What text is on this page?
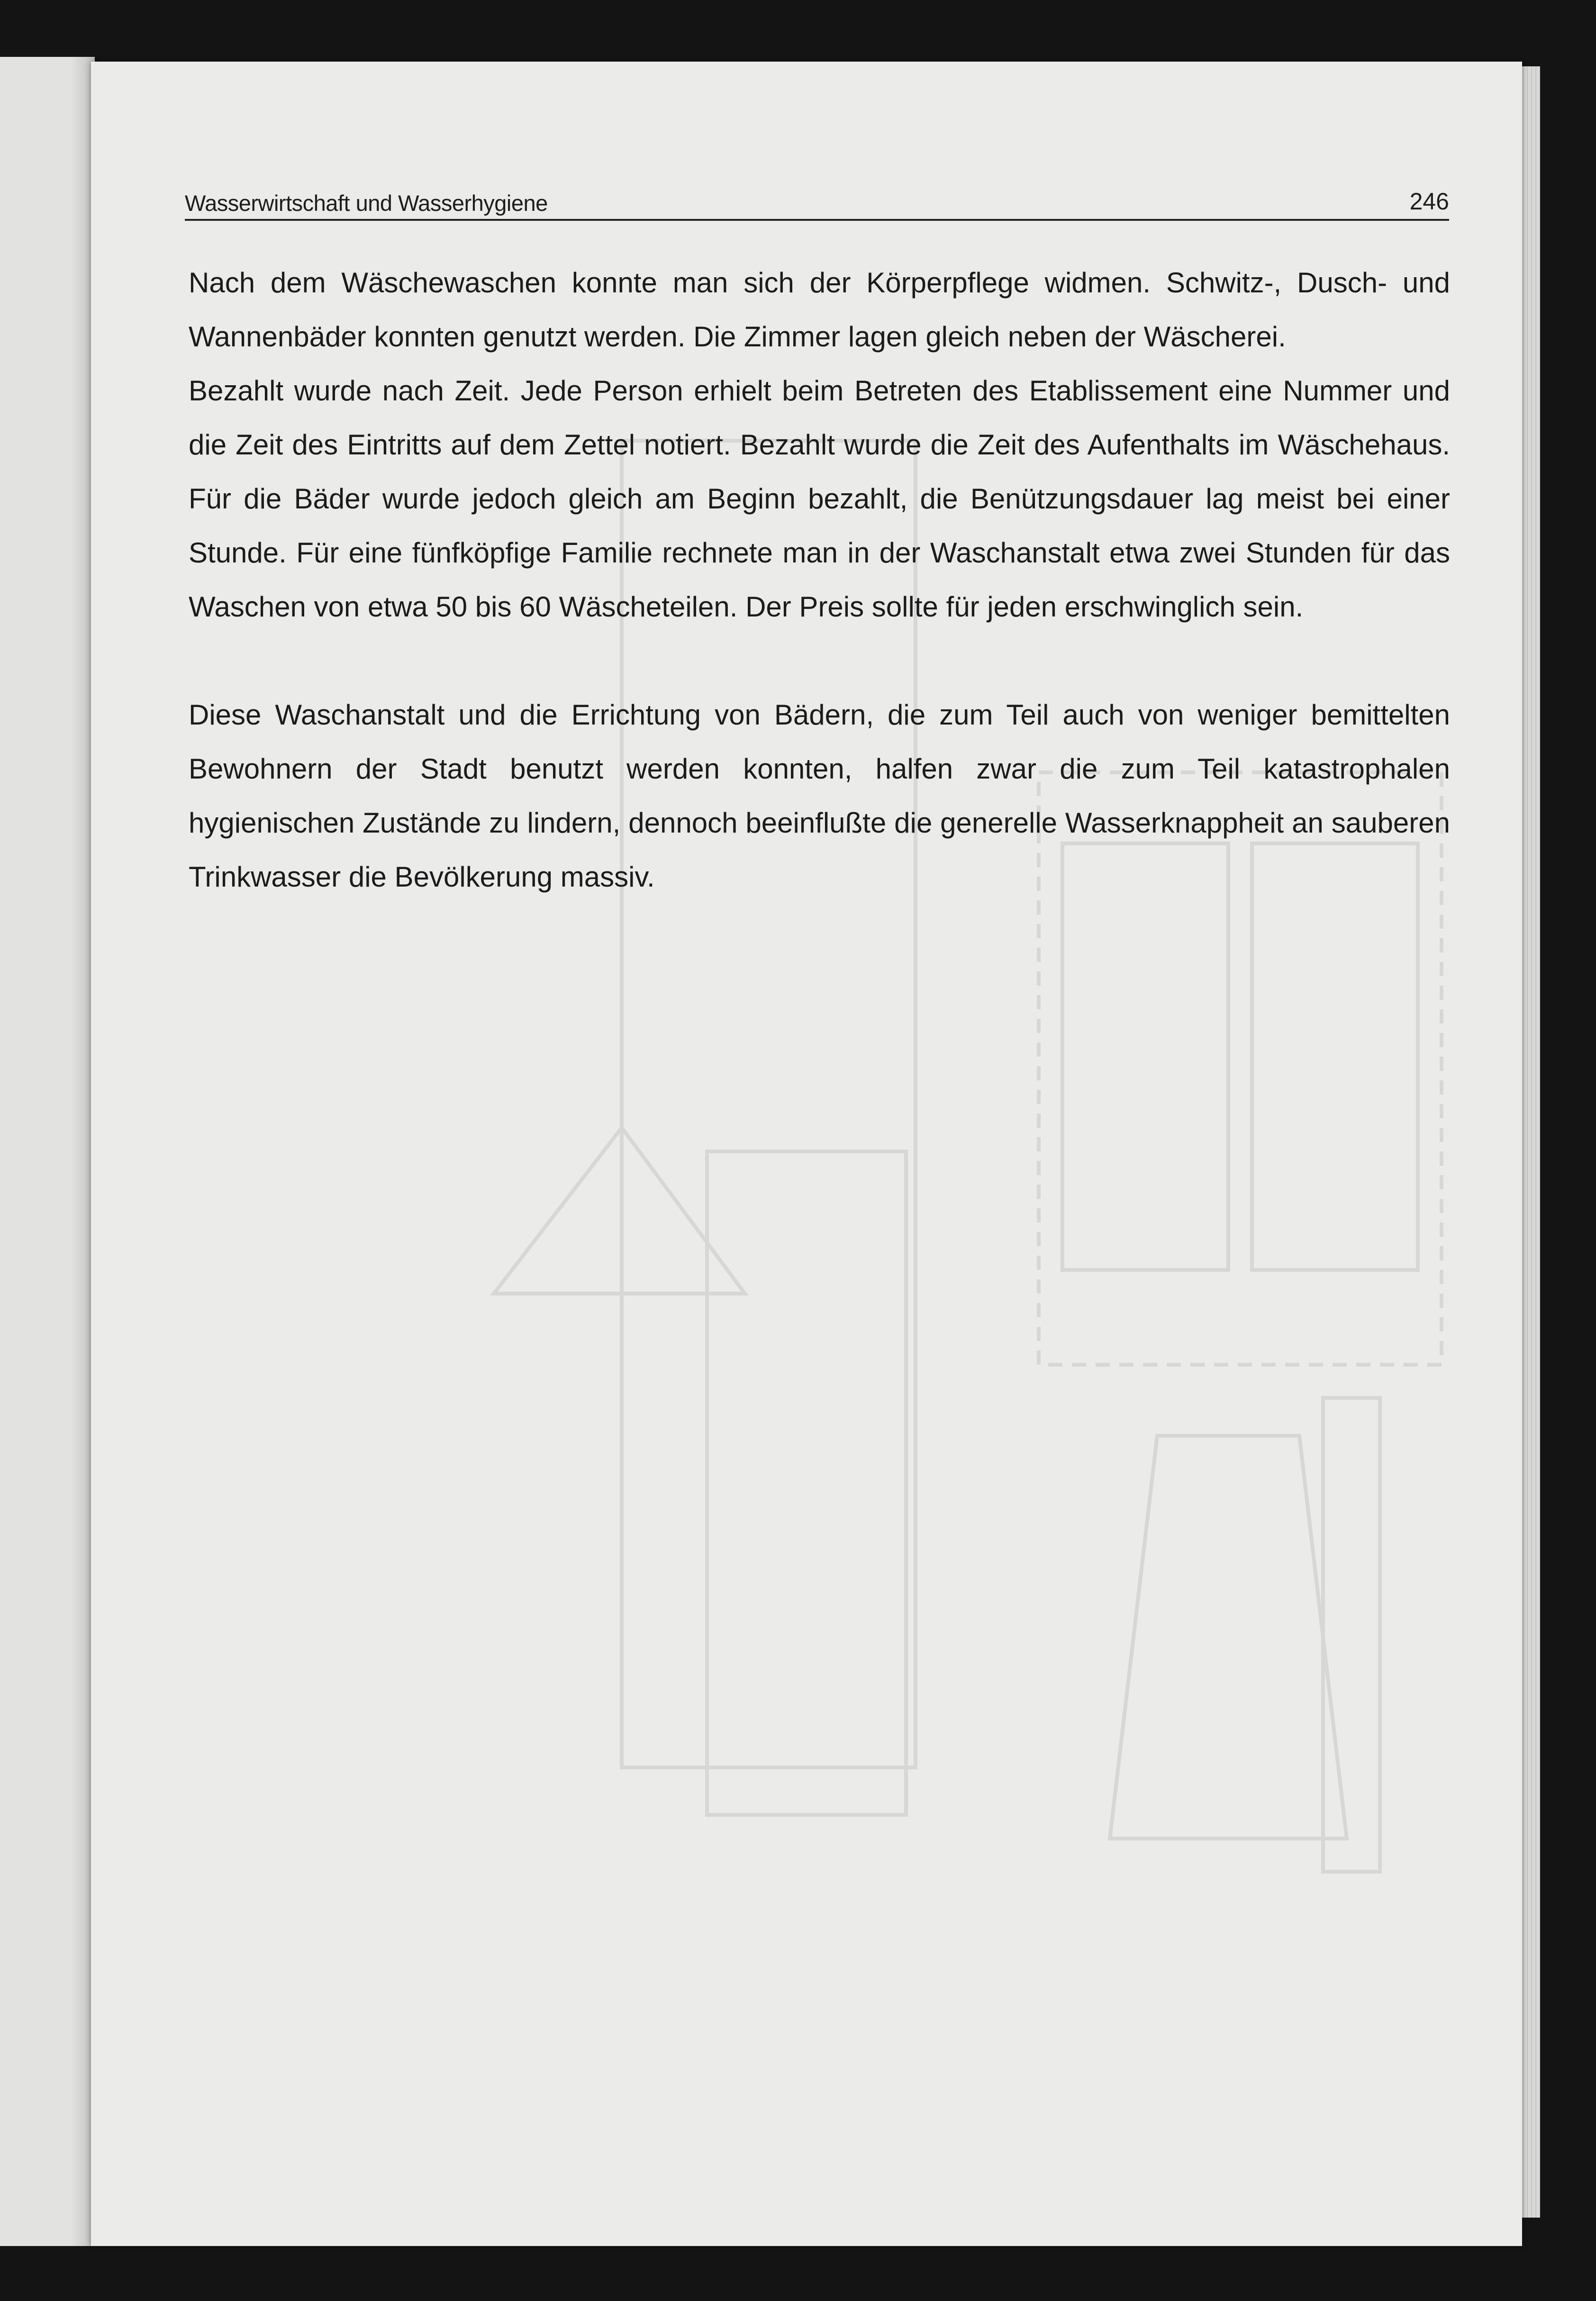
Wasserwirtschaft und Wasserhygiene	246

Nach dem Wäschewaschen konnte man sich der Körperpflege widmen. Schwitz-, Dusch- und Wannenbäder konnten genutzt werden. Die Zimmer lagen gleich neben der Wäscherei.

Bezahlt wurde nach Zeit. Jede Person erhielt beim Betreten des Etablissement eine Nummer und die Zeit des Eintritts auf dem Zettel notiert. Bezahlt wurde die Zeit des Aufenthalts im Wäschehaus. Für die Bäder wurde jedoch gleich am Beginn bezahlt, die Benützungsdauer lag meist bei einer Stunde. Für eine fünfköpfige Familie rechnete man in der Waschanstalt etwa zwei Stunden für das Waschen von etwa 50 bis 60 Wäscheteilen. Der Preis sollte für jeden erschwinglich sein.

Diese Waschanstalt und die Errichtung von Bädern, die zum Teil auch von weniger bemittelten Bewohnern der Stadt benutzt werden konnten, halfen zwar die zum Teil katastrophalen hygienischen Zustände zu lindern, dennoch beeinflußte die generelle Wasserknappheit an sauberen Trinkwasser die Bevölkerung massiv.
